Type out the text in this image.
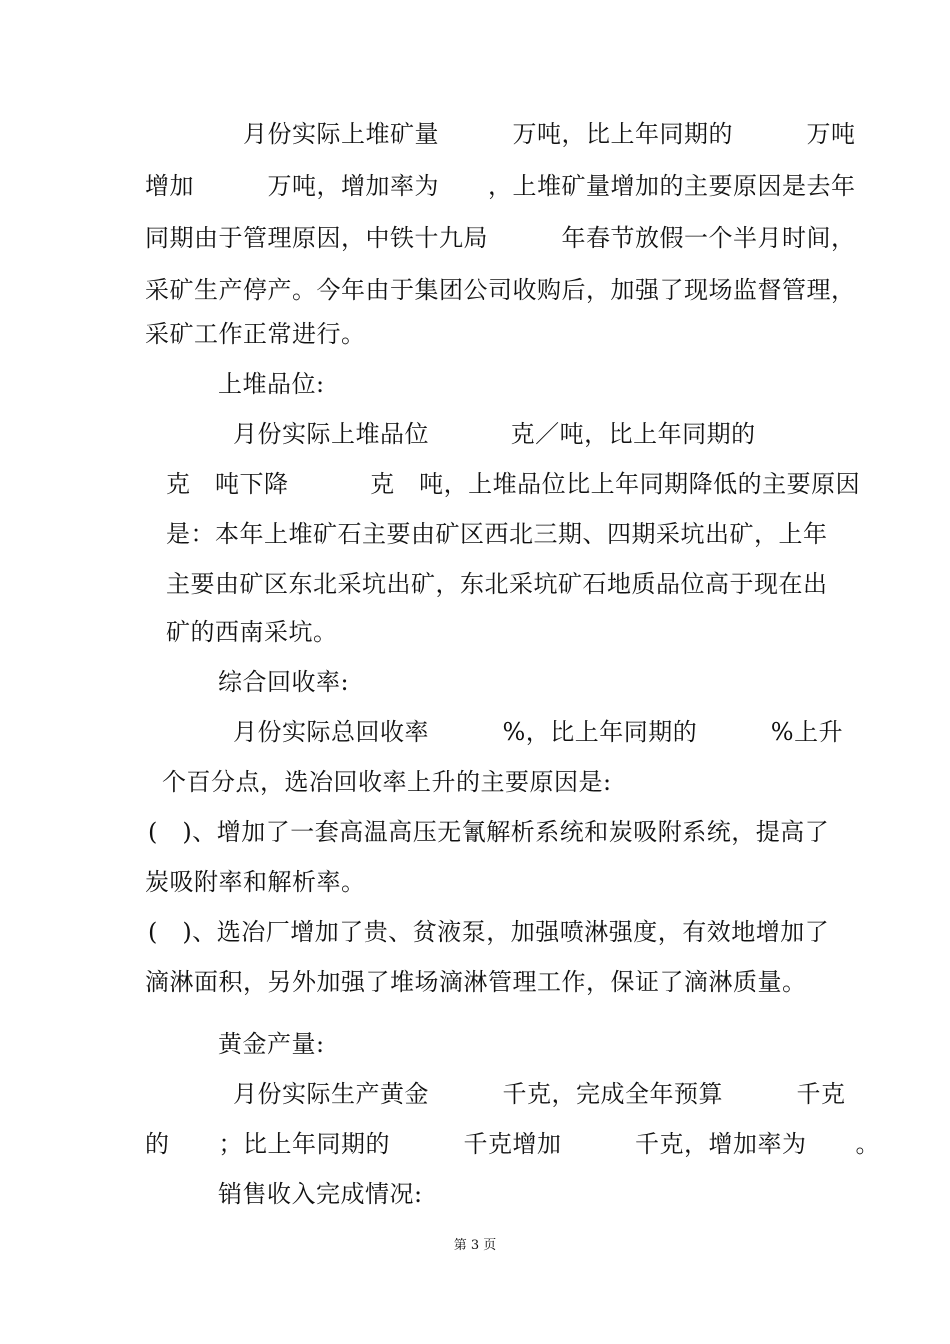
月份实际上堆矿量　　　万吨，比上年同期的　　　万吨
增加　　　万吨，增加率为　　，上堆矿量增加的主要原因是去年
同期由于管理原因，中铁十九局　　　年春节放假一个半月时间，
采矿生产停产。今年由于集团公司收购后，加强了现场监督管理，
采矿工作正常进行。
上堆品位:
月份实际上堆品位　　　 克／吨，比上年同期的
克　吨下降　　　 克　吨，上堆品位比上年同期降低的主要原因
是：本年上堆矿石主要由矿区西北三期、四期采坑出矿，上年
主要由矿区东北采坑出矿，东北采坑矿石地质品位高于现在出
矿的西南采坑。
综合回收率:
月份实际总回收率　　　%，比上年同期的　　　%上升
个百分点，选冶回收率上升的主要原因是:
(　)、增加了一套高温高压无氰解析系统和炭吸附系统，提高了
炭吸附率和解析率。
(　)、选冶厂增加了贵、贫液泵，加强喷淋强度，有效地增加了
滴淋面积，另外加强了堆场滴淋管理工作，保证了滴淋质量。
黄金产量:
月份实际生产黄金　　　千克，完成全年预算　　　千克
的　　；比上年同期的　　　千克增加　　　千克，增加率为　　。
销售收入完成情况:
第 3 页
